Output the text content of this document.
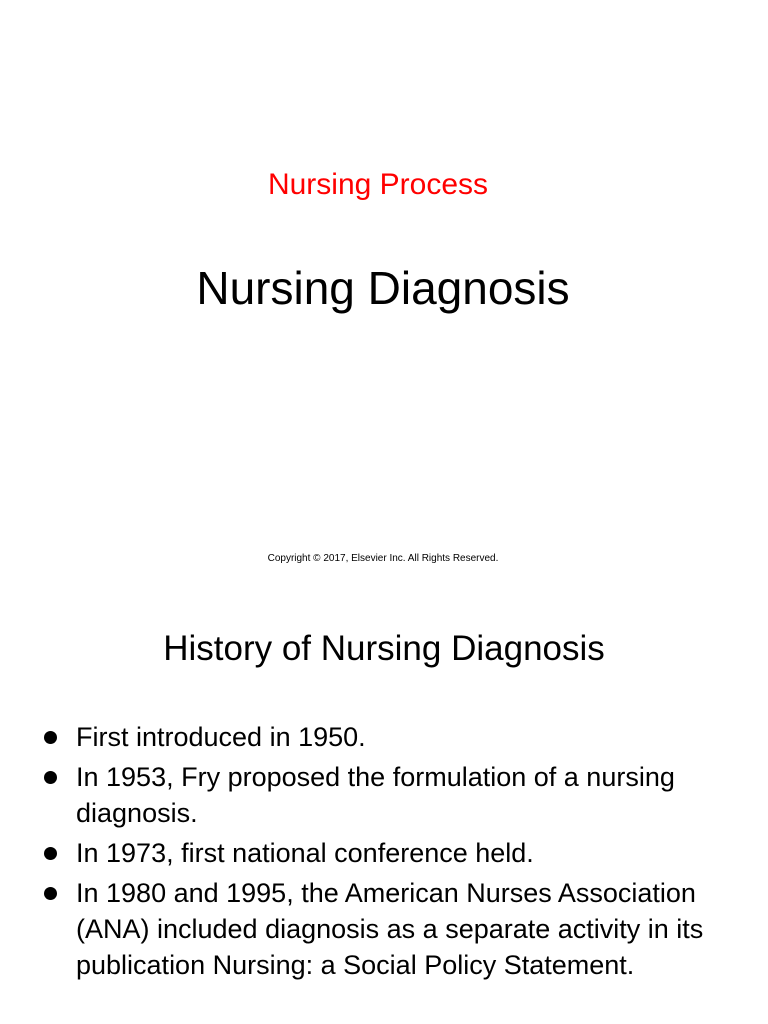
Nursing Process
Nursing Diagnosis
Copyright © 2017, Elsevier Inc. All Rights Reserved.
History of Nursing Diagnosis
First introduced in 1950.
In 1953, Fry proposed the formulation of a nursing diagnosis.
In 1973, first national conference held.
In 1980 and 1995, the American Nurses Association (ANA) included diagnosis as a separate activity in its publication Nursing: a Social Policy Statement.
